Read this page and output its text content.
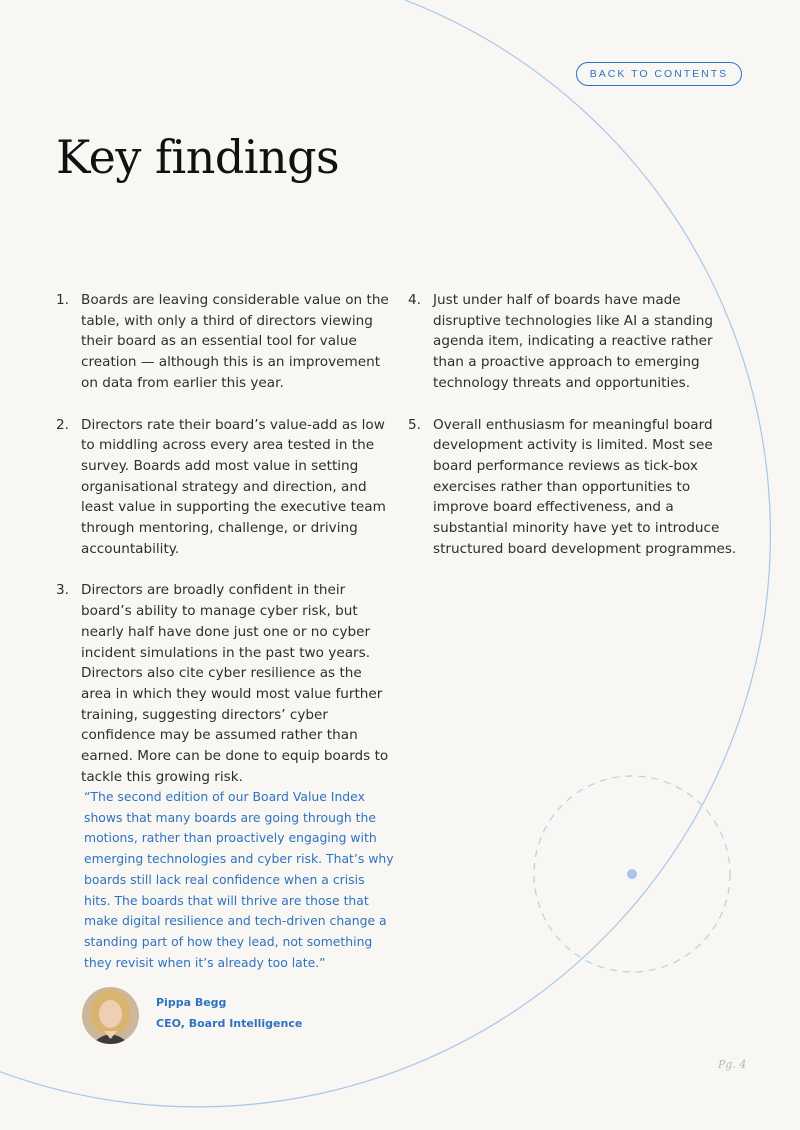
BACK TO CONTENTS
Key findings
1. Boards are leaving considerable value on the table, with only a third of directors viewing their board as an essential tool for value creation — although this is an improvement on data from earlier this year.
2. Directors rate their board’s value-add as low to middling across every area tested in the survey. Boards add most value in setting organisational strategy and direction, and least value in supporting the executive team through mentoring, challenge, or driving accountability.
3. Directors are broadly confident in their board’s ability to manage cyber risk, but nearly half have done just one or no cyber incident simulations in the past two years. Directors also cite cyber resilience as the area in which they would most value further training, suggesting directors’ cyber confidence may be assumed rather than earned. More can be done to equip boards to tackle this growing risk.
4. Just under half of boards have made disruptive technologies like AI a standing agenda item, indicating a reactive rather than a proactive approach to emerging technology threats and opportunities.
5. Overall enthusiasm for meaningful board development activity is limited. Most see board performance reviews as tick-box exercises rather than opportunities to improve board effectiveness, and a substantial minority have yet to introduce structured board development programmes.
“The second edition of our Board Value Index shows that many boards are going through the motions, rather than proactively engaging with emerging technologies and cyber risk. That’s why boards still lack real confidence when a crisis hits. The boards that will thrive are those that make digital resilience and tech-driven change a standing part of how they lead, not something they revisit when it’s already too late.”
Pippa Begg
CEO, Board Intelligence
Pg. 4
